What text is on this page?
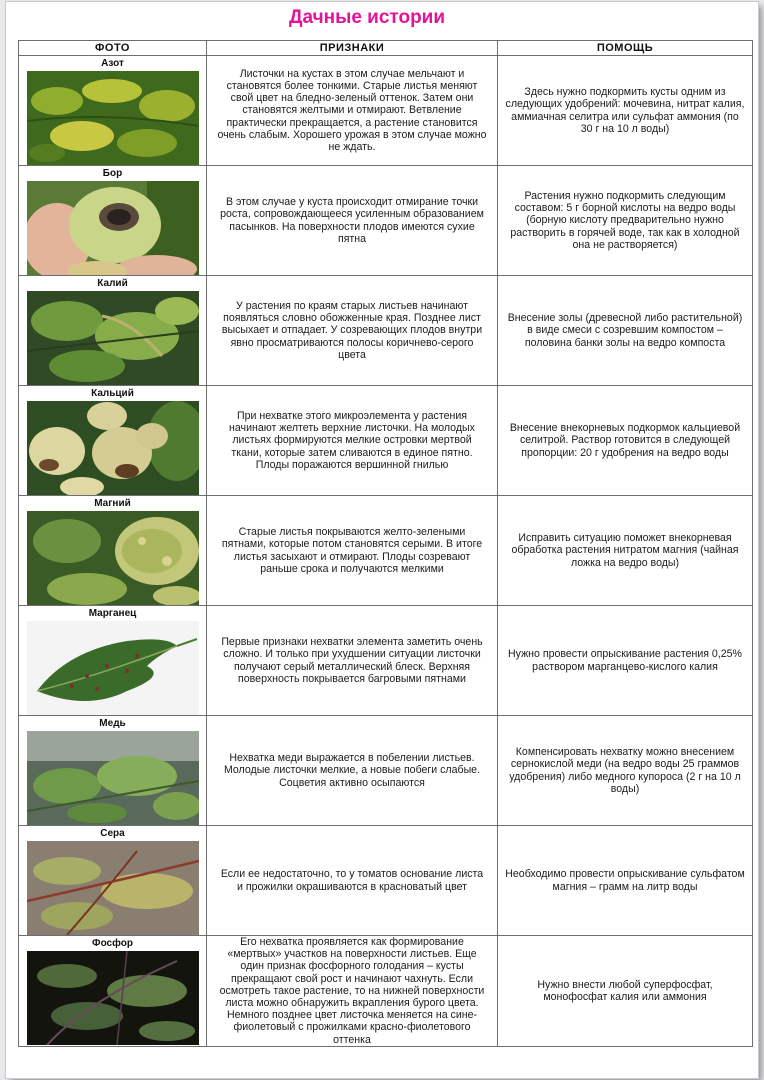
Дачные истории
ФОТО	ПРИЗНАКИ	ПОМОЩЬ

Азот	Листочки на кустах в этом случае мельчают и становятся более тонкими. Старые листья меняют свой цвет на бледно-зеленый оттенок. Затем они становятся желтыми и отмирают. Ветвление практически прекращается, а растение становится очень слабым. Хорошего урожая в этом случае можно не ждать.	Здесь нужно подкормить кусты одним из следующих удобрений: мочевина, нитрат калия, аммиачная селитра или сульфат аммония (по 30 г на 10 л воды)

Бор	В этом случае у куста происходит отмирание точки роста, сопровождающееся усиленным образованием пасынков. На поверхности плодов имеются сухие пятна	Растения нужно подкормить следующим составом: 5 г борной кислоты на ведро воды (борную кислоту предварительно нужно растворить в горячей воде, так как в холодной она не растворяется)

Калий	У растения по краям старых листьев начинают появляться словно обожженные края. Позднее лист высыхает и отпадает. У созревающих плодов внутри явно просматриваются полосы коричнево-серого цвета	Внесение золы (древесной либо растительной) в виде смеси с созревшим компостом – половина банки золы на ведро компоста

Кальций	При нехватке этого микроэлемента у растения начинают желтеть верхние листочки. На молодых листьях формируются мелкие островки мертвой ткани, которые затем сливаются в единое пятно. Плоды поражаются вершинной гнилью	Внесение внекорневых подкормок кальциевой селитрой. Раствор готовится в следующей пропорции: 20 г удобрения на ведро воды

Магний	Старые листья покрываются желто-зелеными пятнами, которые потом становятся серыми. В итоге листья засыхают и отмирают. Плоды созревают раньше срока и получаются мелкими	Исправить ситуацию поможет внекорневая обработка растения нитратом магния (чайная ложка на ведро воды)

Марганец	Первые признаки нехватки элемента заметить очень сложно. И только при ухудшении ситуации листочки получают серый металлический блеск. Верхняя поверхность покрывается багровыми пятнами	Нужно провести опрыскивание растения 0,25% раствором марганцево-кислого калия

Медь	Нехватка меди выражается в побелении листьев. Молодые листочки мелкие, а новые побеги слабые. Соцветия активно осыпаются	Компенсировать нехватку можно внесением сернокислой меди (на ведро воды 25 граммов удобрения) либо медного купороса (2 г на 10 л воды)

Сера	Если ее недостаточно, то у томатов основание листа и прожилки окрашиваются в красноватый цвет	Необходимо провести опрыскивание сульфатом магния – грамм на литр воды

Фосфор	Его нехватка проявляется как формирование «мертвых» участков на поверхности листьев. Еще один признак фосфорного голодания – кусты прекращают свой рост и начинают чахнуть. Если осмотреть такое растение, то на нижней поверхности листа можно обнаружить вкрапления бурого цвета. Немного позднее цвет листочка меняется на сине-фиолетовый с прожилками красно-фиолетового оттенка	Нужно внести любой суперфосфат, монофосфат калия или аммония
